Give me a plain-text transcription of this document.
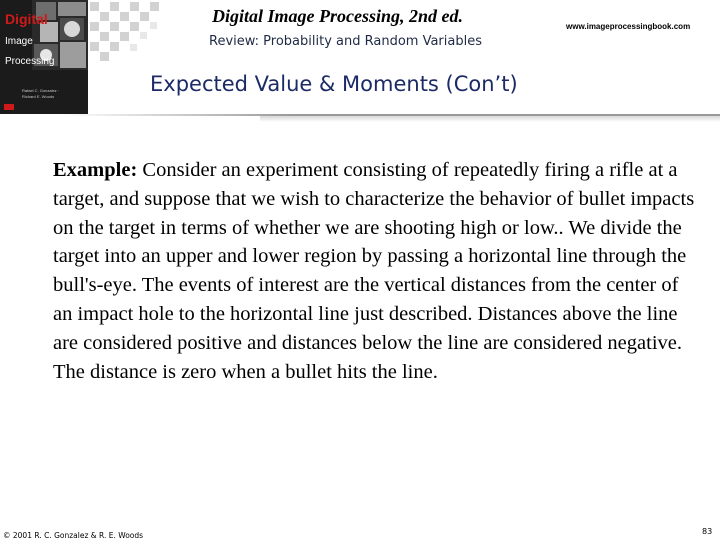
Digital

Image

Processing

Rafael C. Gonzalez · Richard E. Woods
Digital Image Processing, 2nd ed.
www.imageprocessingbook.com
Review: Probability and Random Variables
Expected Value & Moments (Con’t)
Example: Consider an experiment consisting of repeatedly firing a rifle at a target, and suppose that we wish to characterize the behavior of bullet impacts on the target in terms of whether we are shooting high or low.. We divide the target into an upper and lower region by passing a horizontal line through the bull's-eye. The events of interest are the vertical distances from the center of an impact hole to the horizontal line just described. Distances above the line are considered positive and distances below the line are considered negative. The distance is zero when a bullet hits the line.
© 2001 R. C. Gonzalez & R. E. Woods	83
